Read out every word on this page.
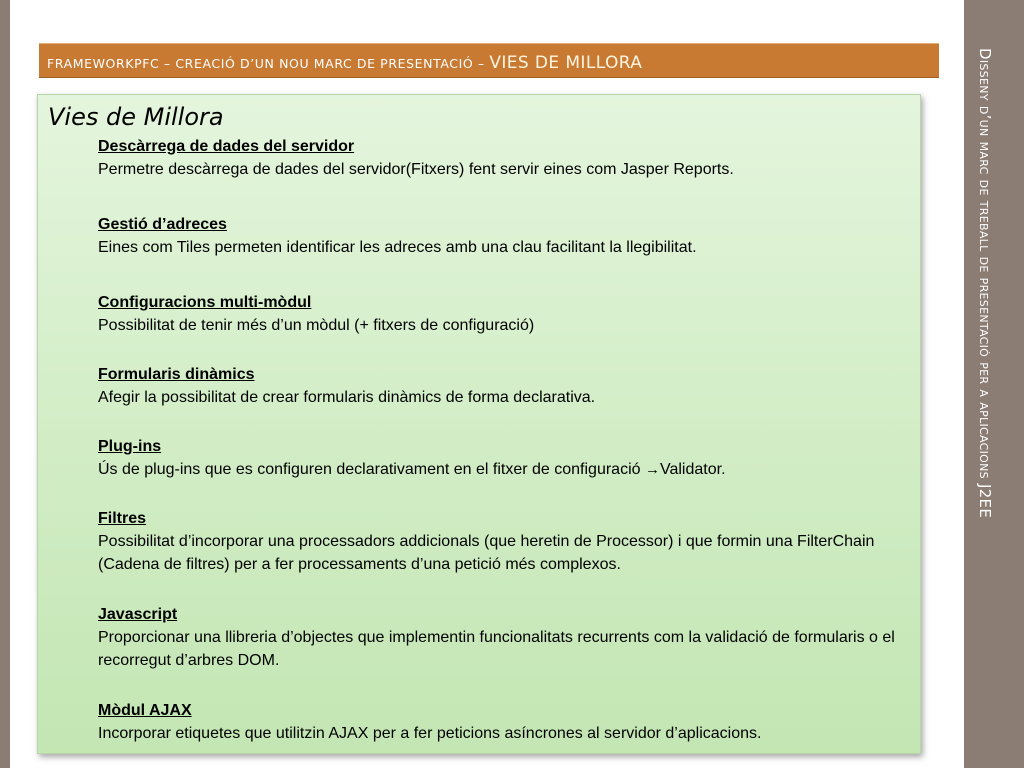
FRAMEWORKPFC – CREACIÓ D’UN NOU MARC DE PRESENTACIÓ – VIES DE MILLORA	Disseny d’un marc de treball de presentació per a aplicacions J2EE
Vies de Millora
Descàrrega de dades del servidor
Permetre descàrrega de dades del servidor(Fitxers) fent servir eines com Jasper Reports.
Gestió d’adreces
Eines com Tiles permeten identificar les adreces amb una clau facilitant la llegibilitat.
Configuracions multi-mòdul
Possibilitat de tenir més d’un mòdul (+ fitxers de configuració)
Formularis dinàmics
Afegir la possibilitat de crear formularis dinàmics de forma declarativa.
Plug-ins
Ús de plug-ins que es configuren declarativament en el fitxer de configuració →Validator.
Filtres
Possibilitat d’incorporar una processadors addicionals (que heretin de Processor) i que formin una FilterChain (Cadena de filtres) per a fer processaments d’una petició més complexos.
Javascript
Proporcionar una llibreria d’objectes que implementin funcionalitats recurrents com la validació de formularis o el recorregut d’arbres DOM.
Mòdul AJAX
Incorporar etiquetes que utilitzin AJAX per a fer peticions asíncrones al servidor d’aplicacions.
